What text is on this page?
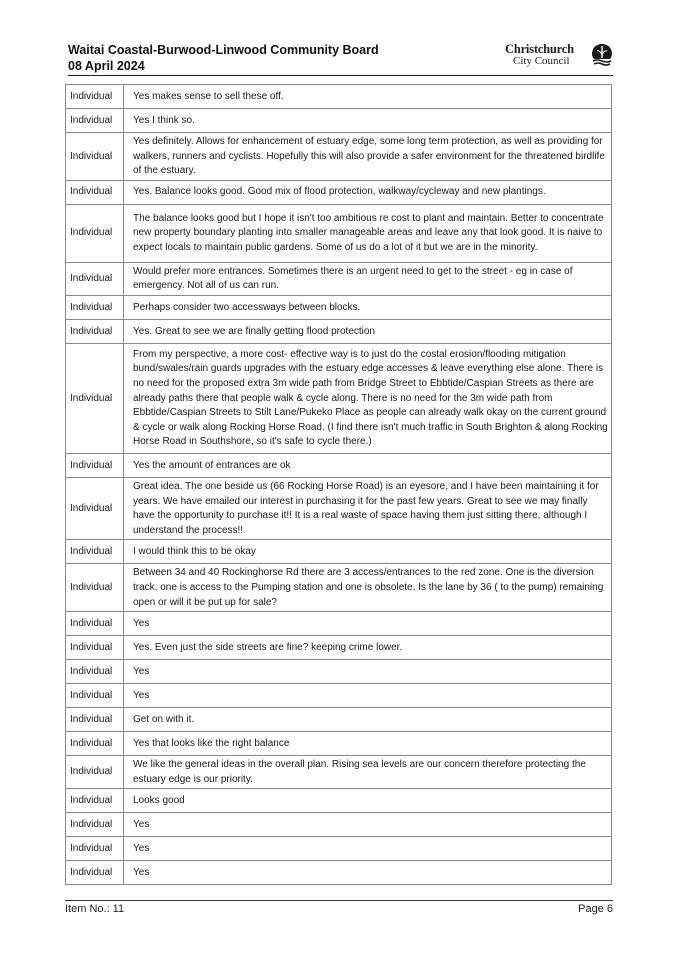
Waitai Coastal-Burwood-Linwood Community Board
08 April 2024
Christchurch
City Council
Individual	Yes makes sense to sell these off.
Individual	Yes I think so.
Individual	Yes definitely. Allows for enhancement of estuary edge, some long term protection, as well as providing for walkers, runners and cyclists. Hopefully this will also provide a safer environment for the threatened birdlife of the estuary.
Individual	Yes. Balance looks good. Good mix of flood protection, walkway/cycleway and new plantings.
Individual	The balance looks good but I hope it isn't too ambitious re cost to plant and maintain. Better to concentrate new property boundary planting into smaller manageable areas and leave any that look good. It is naive to expect locals to maintain public gardens. Some of us do a lot of it but we are in the minority.
Individual	Would prefer more entrances. Sometimes there is an urgent need to get to the street - eg in case of emergency. Not all of us can run.
Individual	Perhaps consider two accessways between blocks.
Individual	Yes. Great to see we are finally getting flood protection
Individual	From my perspective, a more cost- effective way is to just do the costal erosion/flooding mitigation bund/swales/rain guards upgrades with the estuary edge accesses & leave everything else alone. There is no need for the proposed extra 3m wide path from Bridge Street to Ebbtide/Caspian Streets as there are already paths there that people walk & cycle along. There is no need for the 3m wide path from Ebbtide/Caspian Streets to Stilt Lane/Pukeko Place as people can already walk okay on the current ground & cycle or walk along Rocking Horse Road. (I find there isn't much traffic in South Brighton & along Rocking Horse Road in Southshore, so it's safe to cycle there.)
Individual	Yes the amount of entrances are ok
Individual	Great idea. The one beside us (66 Rocking Horse Road) is an eyesore, and I have been maintaining it for years. We have emailed our interest in purchasing it for the past few years. Great to see we may finally have the opportunity to purchase it!! It is a real waste of space having them just sitting there, although I understand the process!!
Individual	I would think this to be okay
Individual	Between 34 and 40 Rockinghorse Rd there are 3 access/entrances to the red zone. One is the diversion track, one is access to the Pumping station and one is obsolete. Is the lane by 36 ( to the pump) remaining open or will it be put up for sale?
Individual	Yes
Individual	Yes. Even just the side streets are fine? keeping crime lower.
Individual	Yes
Individual	Yes
Individual	Get on with it.
Individual	Yes that looks like the right balance
Individual	We like the general ideas in the overall plan. Rising sea levels are our concern therefore protecting the estuary edge is our priority.
Individual	Looks good
Individual	Yes
Individual	Yes
Individual	Yes
Item No.: 11	Page 6
